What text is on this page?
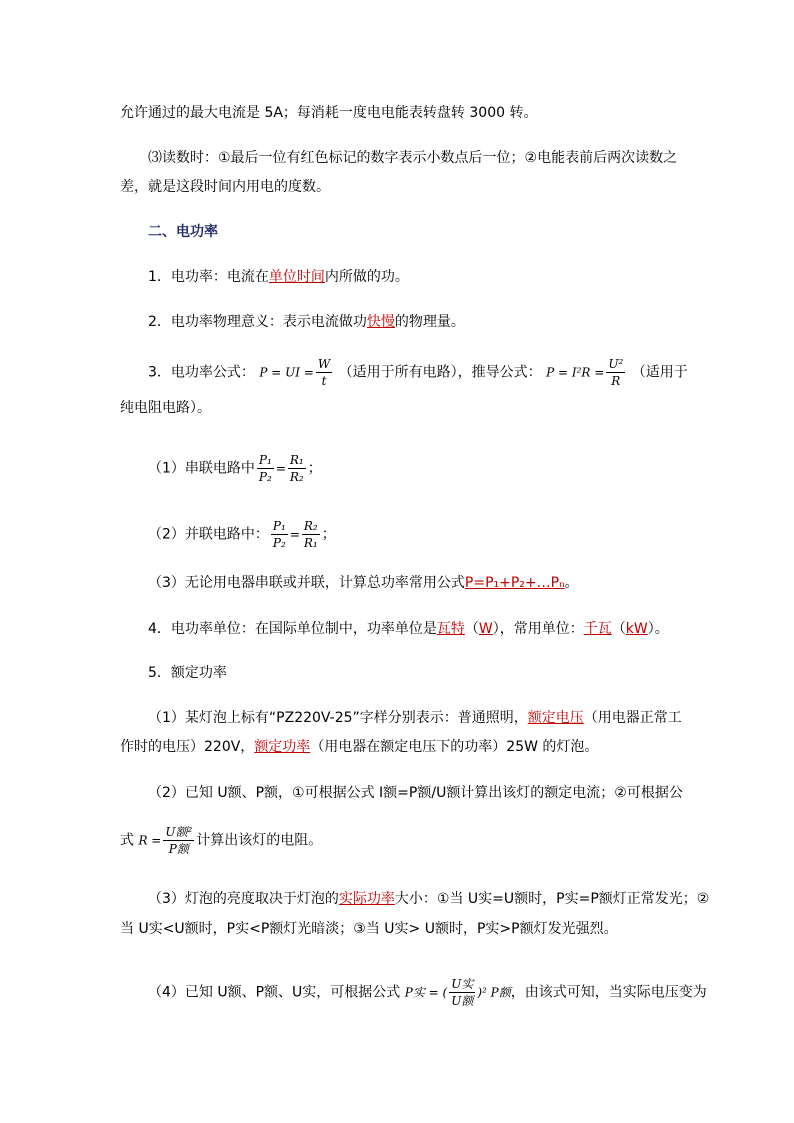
允许通过的最大电流是 5A；每消耗一度电电能表转盘转 3000 转。
⑶读数时：①最后一位有红色标记的数字表示小数点后一位；②电能表前后两次读数之
差，就是这段时间内用电的度数。
二、电功率
1．电功率：电流在单位时间内所做的功。
2．电功率物理意义：表示电流做功快慢的物理量。
3．电功率公式： P = UI = $\frac{W}{t}$ （适用于所有电路），推导公式： $P = I^2R = \frac{\text{U²}}{R}$ （适用于
纯电阻电路）。
（1）串联电路中 $\frac{\text{P₁}}{\text{P₂}} = \frac{\text{R₁}}{\text{R₂}}$ ；
（2）并联电路中： $\frac{\text{P₁}}{\text{P₂}} = \frac{\text{R₂}}{\text{R₁}}$ ；
（3）无论用电器串联或并联，计算总功率常用公式P=P₁+P₂+…Pₙ。
4．电功率单位：在国际单位制中，功率单位是瓦特（W），常用单位：千瓦（kW）。
5．额定功率
（1）某灯泡上标有“PZ220V-25”字样分别表示：普通照明，额定电压（用电器正常工
作时的电压）220V，额定功率（用电器在额定电压下的功率）25W 的灯泡。
（2）已知 U额、P额，①可根据公式 I额=P额/U额计算出该灯的额定电流；②可根据公
式 $R = \frac{\text{U额²}}{\text{P额}}$ 计算出该灯的电阻。
（3）灯泡的亮度取决于灯泡的实际功率大小：①当 U实=U额时，P实=P额灯正常发光；②
当 U实<U额时，P实<P额灯光暗淡；③当 U实> U额时，P实>P额灯发光强烈。
（4）已知 U额、P额、U实，可根据公式 P实 = ( $\frac{\text{U实}}{\text{U额}} )^2$ P额，由该式可知，当实际电压变为
